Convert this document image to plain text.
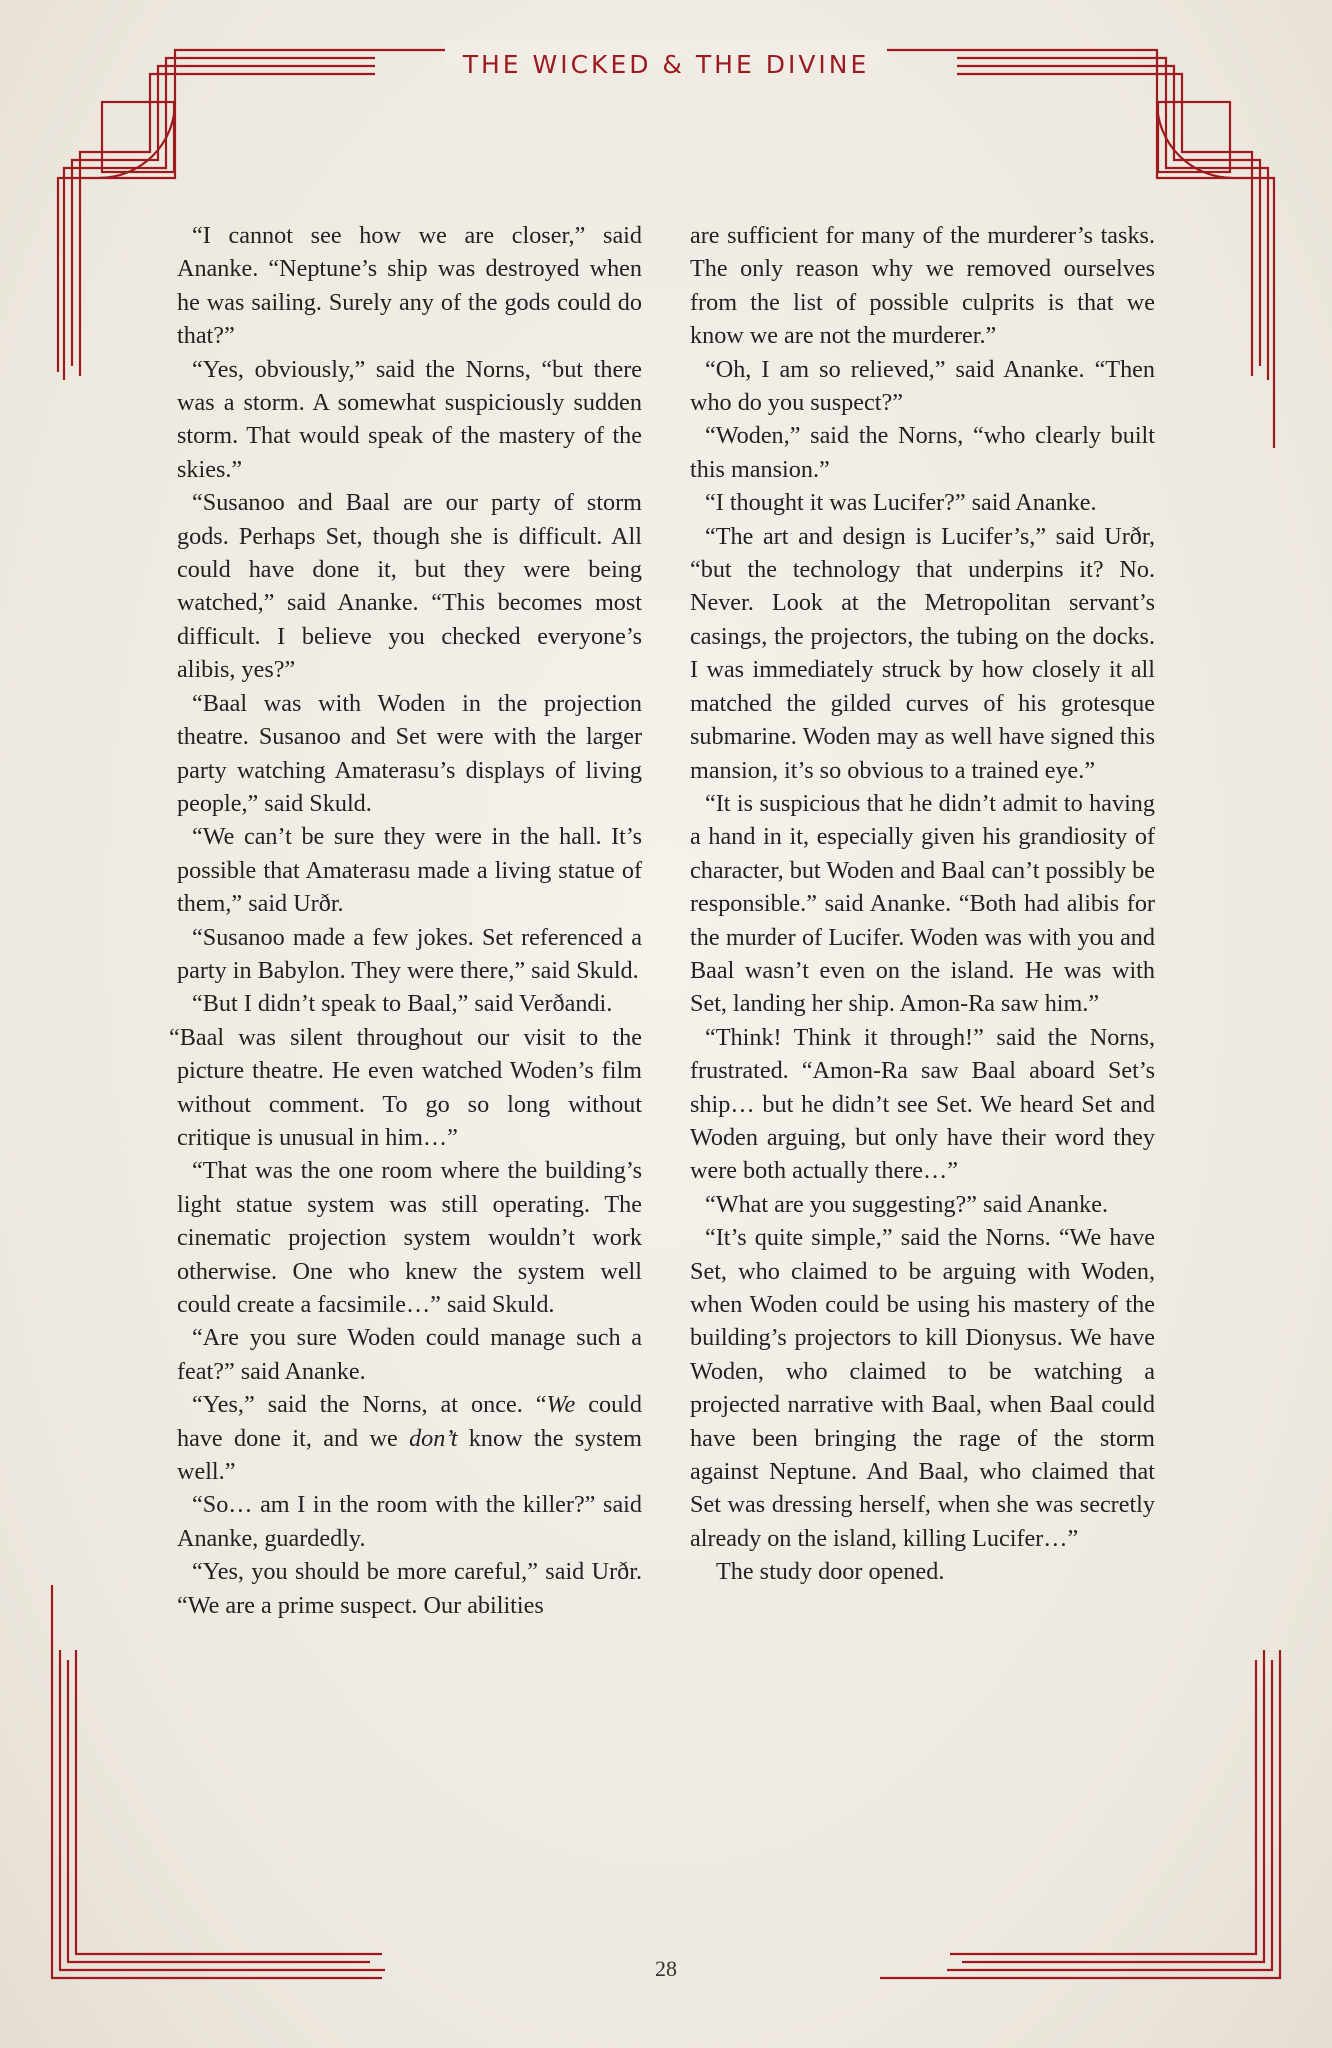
THE WICKED & THE DIVINE

“I cannot see how we are closer,” said Ananke. “Neptune’s ship was destroyed when he was sailing. Surely any of the gods could do that?”

“Yes, obviously,” said the Norns, “but there was a storm. A somewhat suspiciously sudden storm. That would speak of the mastery of the skies.”

“Susanoo and Baal are our party of storm gods. Perhaps Set, though she is difficult. All could have done it, but they were being watched,” said Ananke. “This becomes most difficult. I believe you checked everyone’s alibis, yes?”

“Baal was with Woden in the projection theatre. Susanoo and Set were with the larger party watching Amaterasu’s displays of living people,” said Skuld.

“We can’t be sure they were in the hall. It’s possible that Amaterasu made a living statue of them,” said Urðr.

“Susanoo made a few jokes. Set referenced a party in Babylon. They were there,” said Skuld.

“But I didn’t speak to Baal,” said Verðandi.

“Baal was silent throughout our visit to the picture theatre. He even watched Woden’s film without comment. To go so long without critique is unusual in him…”

“That was the one room where the building’s light statue system was still operating. The cinematic projection system wouldn’t work otherwise. One who knew the system well could create a facsimile…” said Skuld.

“Are you sure Woden could manage such a feat?” said Ananke.

“Yes,” said the Norns, at once. “We could have done it, and we don’t know the system well.”

“So… am I in the room with the killer?” said Ananke, guardedly.

“Yes, you should be more careful,” said Urðr. “We are a prime suspect. Our abilities

are sufficient for many of the murderer’s tasks. The only reason why we removed ourselves from the list of possible culprits is that we know we are not the murderer.”

“Oh, I am so relieved,” said Ananke. “Then who do you suspect?”

“Woden,” said the Norns, “who clearly built this mansion.”

“I thought it was Lucifer?” said Ananke.

“The art and design is Lucifer’s,” said Urðr, “but the technology that underpins it? No. Never. Look at the Metropolitan servant’s casings, the projectors, the tubing on the docks. I was immediately struck by how closely it all matched the gilded curves of his grotesque submarine. Woden may as well have signed this mansion, it’s so obvious to a trained eye.”

“It is suspicious that he didn’t admit to having a hand in it, especially given his grandiosity of character, but Woden and Baal can’t possibly be responsible.” said Ananke. “Both had alibis for the murder of Lucifer. Woden was with you and Baal wasn’t even on the island. He was with Set, landing her ship. Amon-Ra saw him.”

“Think! Think it through!” said the Norns, frustrated. “Amon-Ra saw Baal aboard Set’s ship… but he didn’t see Set. We heard Set and Woden arguing, but only have their word they were both actually there…”

“What are you suggesting?” said Ananke.

“It’s quite simple,” said the Norns. “We have Set, who claimed to be arguing with Woden, when Woden could be using his mastery of the building’s projectors to kill Dionysus. We have Woden, who claimed to be watching a projected narrative with Baal, when Baal could have been bringing the rage of the storm against Neptune. And Baal, who claimed that Set was dressing herself, when she was secretly already on the island, killing Lucifer…”

The study door opened.

28
